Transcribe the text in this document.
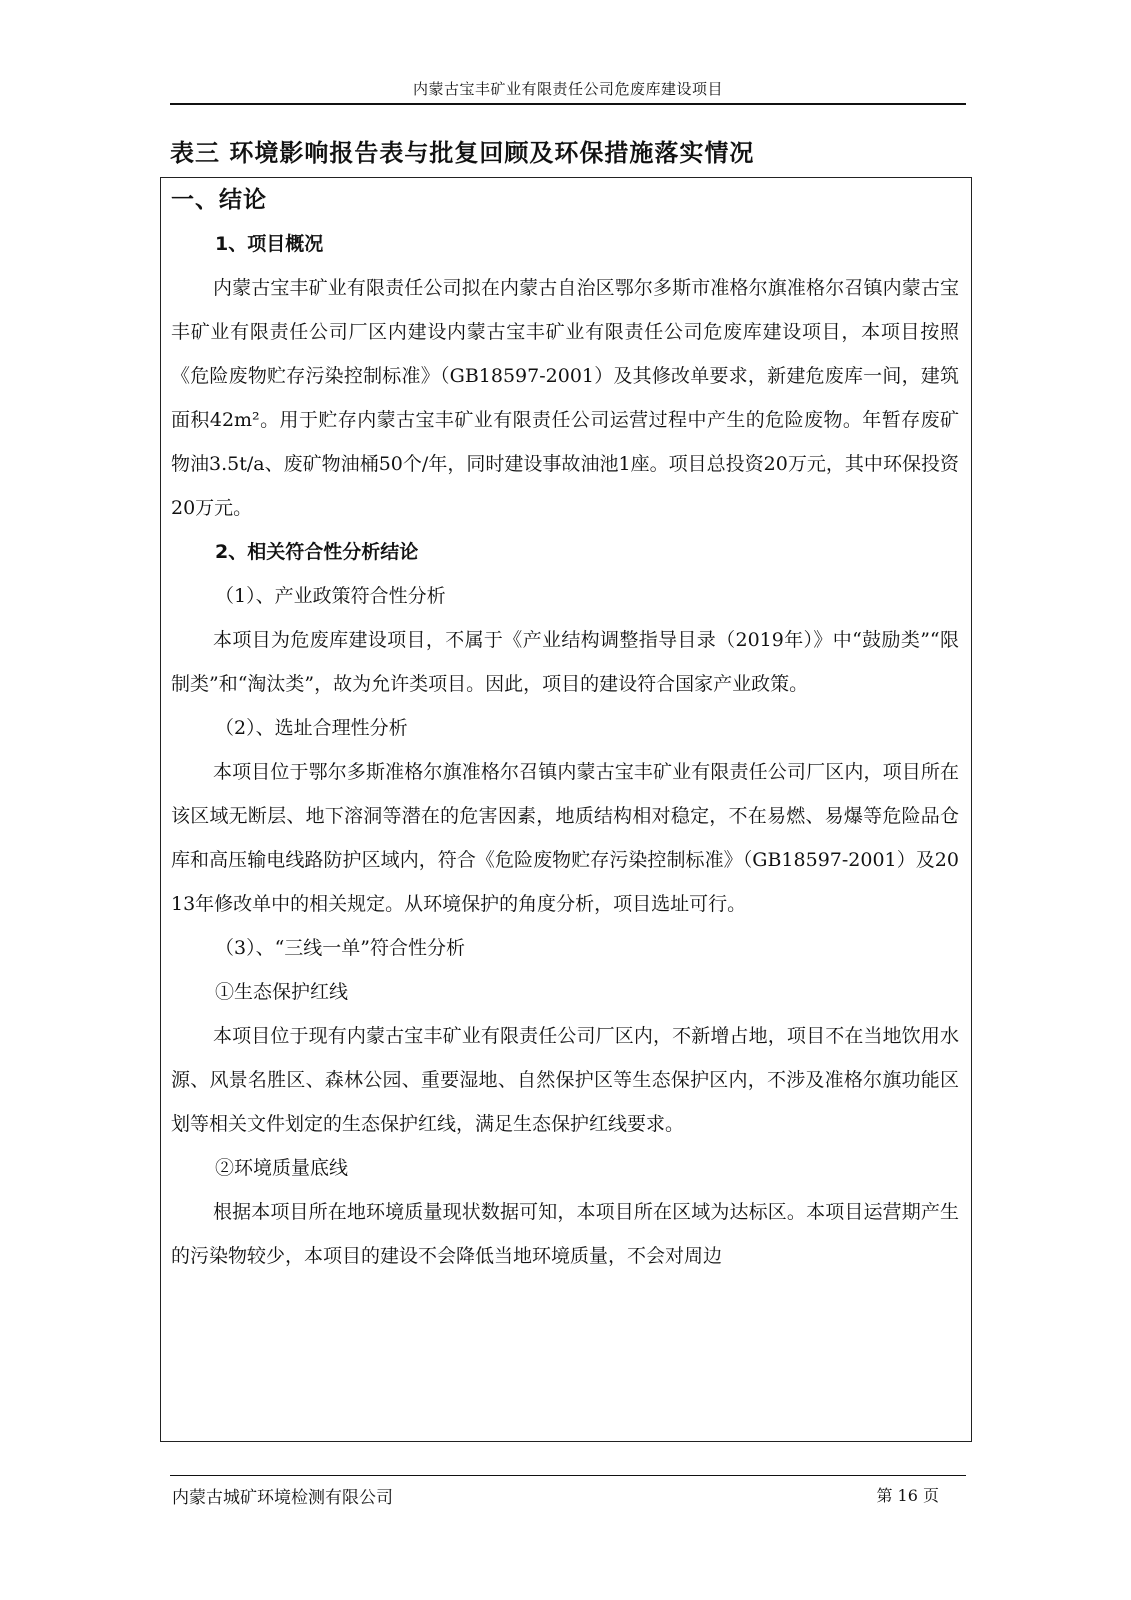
内蒙古宝丰矿业有限责任公司危废库建设项目
表三 环境影响报告表与批复回顾及环保措施落实情况
一、结论
1、项目概况
内蒙古宝丰矿业有限责任公司拟在内蒙古自治区鄂尔多斯市准格尔旗准格尔召镇内蒙古宝丰矿业有限责任公司厂区内建设内蒙古宝丰矿业有限责任公司危废库建设项目，本项目按照《危险废物贮存污染控制标准》（GB18597-2001）及其修改单要求，新建危废库一间，建筑面积42m²。用于贮存内蒙古宝丰矿业有限责任公司运营过程中产生的危险废物。年暂存废矿物油3.5t/a、废矿物油桶50个/年，同时建设事故油池1座。项目总投资20万元，其中环保投资20万元。
2、相关符合性分析结论
（1）、产业政策符合性分析
本项目为危废库建设项目，不属于《产业结构调整指导目录（2019年）》中“鼓励类”“限制类”和“淘汰类”，故为允许类项目。因此，项目的建设符合国家产业政策。
（2）、选址合理性分析
本项目位于鄂尔多斯准格尔旗准格尔召镇内蒙古宝丰矿业有限责任公司厂区内，项目所在该区域无断层、地下溶洞等潜在的危害因素，地质结构相对稳定，不在易燃、易爆等危险品仓库和高压输电线路防护区域内，符合《危险废物贮存污染控制标准》（GB18597-2001）及2013年修改单中的相关规定。从环境保护的角度分析，项目选址可行。
（3）、“三线一单”符合性分析
①生态保护红线
本项目位于现有内蒙古宝丰矿业有限责任公司厂区内，不新增占地，项目不在当地饮用水源、风景名胜区、森林公园、重要湿地、自然保护区等生态保护区内，不涉及准格尔旗功能区划等相关文件划定的生态保护红线，满足生态保护红线要求。
②环境质量底线
根据本项目所在地环境质量现状数据可知，本项目所在区域为达标区。本项目运营期产生的污染物较少，本项目的建设不会降低当地环境质量，不会对周边
内蒙古城矿环境检测有限公司	第 16 页
